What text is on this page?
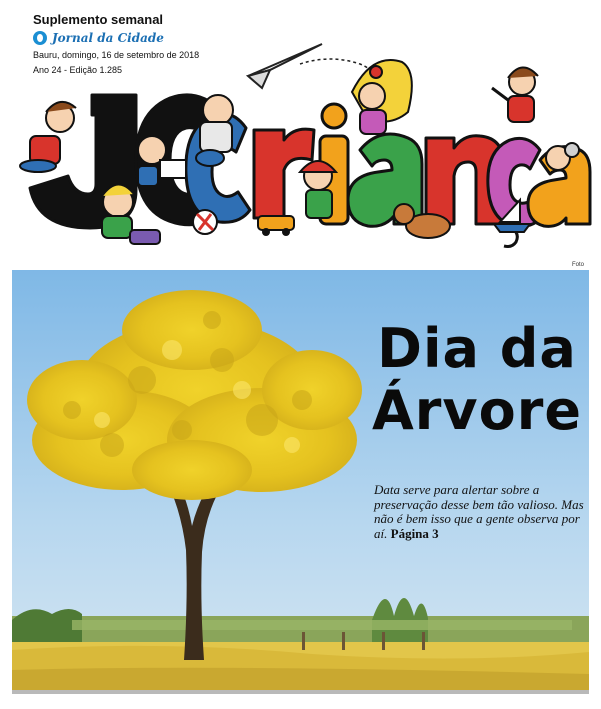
Suplemento semanal
Jornal da Cidade
Bauru, domingo, 16 de setembro de 2018
Ano 24 - Edição 1.285
Foto
Dia da
Árvore
Data serve para alertar sobre a preservação desse bem tão valioso. Mas não é bem isso que a gente observa por aí. Página 3
